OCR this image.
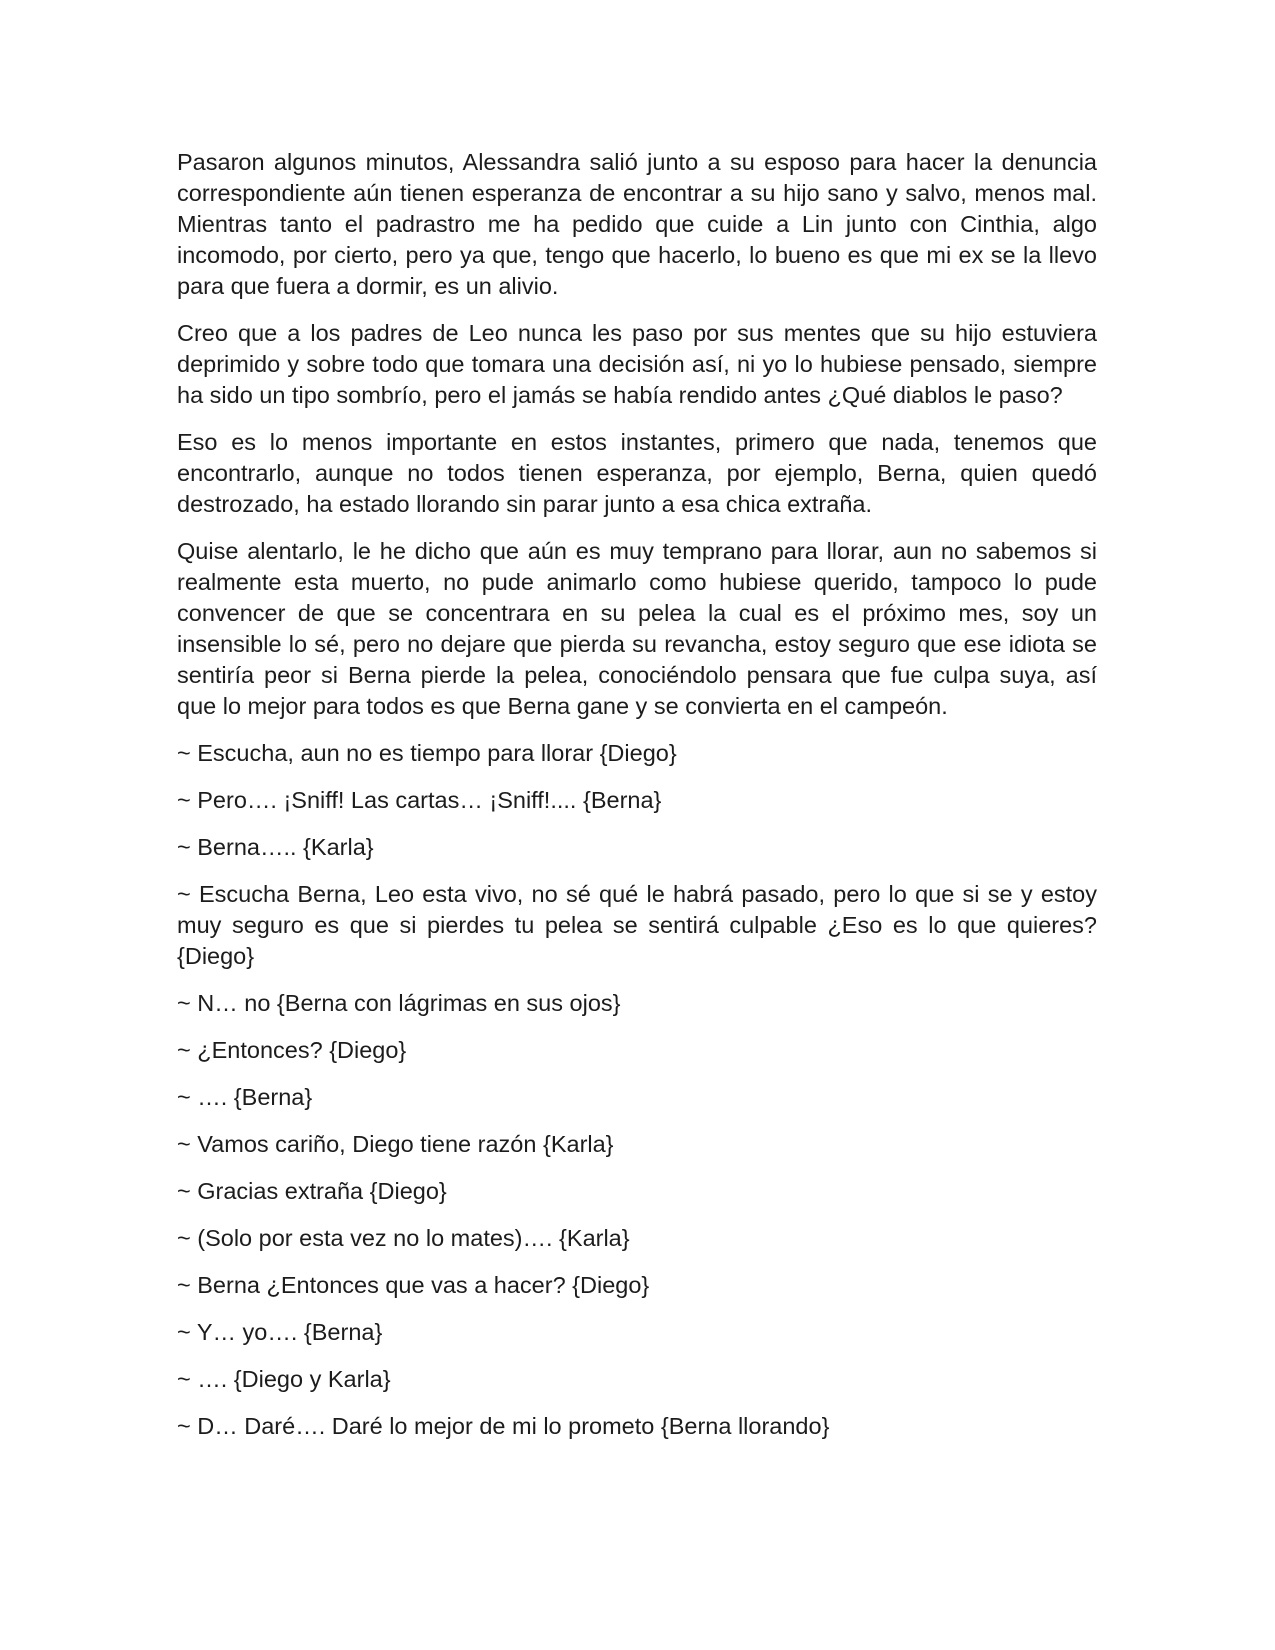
Pasaron algunos minutos, Alessandra salió junto a su esposo para hacer la denuncia correspondiente aún tienen esperanza de encontrar a su hijo sano y salvo, menos mal. Mientras tanto el padrastro me ha pedido que cuide a Lin junto con Cinthia, algo incomodo, por cierto, pero ya que, tengo que hacerlo, lo bueno es que mi ex se la llevo para que fuera a dormir, es un alivio.

Creo que a los padres de Leo nunca les paso por sus mentes que su hijo estuviera deprimido y sobre todo que tomara una decisión así, ni yo lo hubiese pensado, siempre ha sido un tipo sombrío, pero el jamás se había rendido antes ¿Qué diablos le paso?

Eso es lo menos importante en estos instantes, primero que nada, tenemos que encontrarlo, aunque no todos tienen esperanza, por ejemplo, Berna, quien quedó destrozado, ha estado llorando sin parar junto a esa chica extraña.

Quise alentarlo, le he dicho que aún es muy temprano para llorar, aun no sabemos si realmente esta muerto, no pude animarlo como hubiese querido, tampoco lo pude convencer de que se concentrara en su pelea la cual es el próximo mes, soy un insensible lo sé, pero no dejare que pierda su revancha, estoy seguro que ese idiota se sentiría peor si Berna pierde la pelea, conociéndolo pensara que fue culpa suya, así que lo mejor para todos es que Berna gane y se convierta en el campeón.

~ Escucha, aun no es tiempo para llorar {Diego}

~ Pero…. ¡Sniff! Las cartas… ¡Sniff!.... {Berna}

~ Berna….. {Karla}

~ Escucha Berna, Leo esta vivo, no sé qué le habrá pasado, pero lo que si se y estoy muy seguro es que si pierdes tu pelea se sentirá culpable ¿Eso es lo que quieres? {Diego}

~ N… no {Berna con lágrimas en sus ojos}

~ ¿Entonces? {Diego}

~ …. {Berna}

~ Vamos cariño, Diego tiene razón {Karla}

~ Gracias extraña {Diego}

~ (Solo por esta vez no lo mates)…. {Karla}

~ Berna ¿Entonces que vas a hacer? {Diego}

~ Y… yo…. {Berna}

~ …. {Diego y Karla}

~ D… Daré…. Daré lo mejor de mi lo prometo {Berna llorando}
